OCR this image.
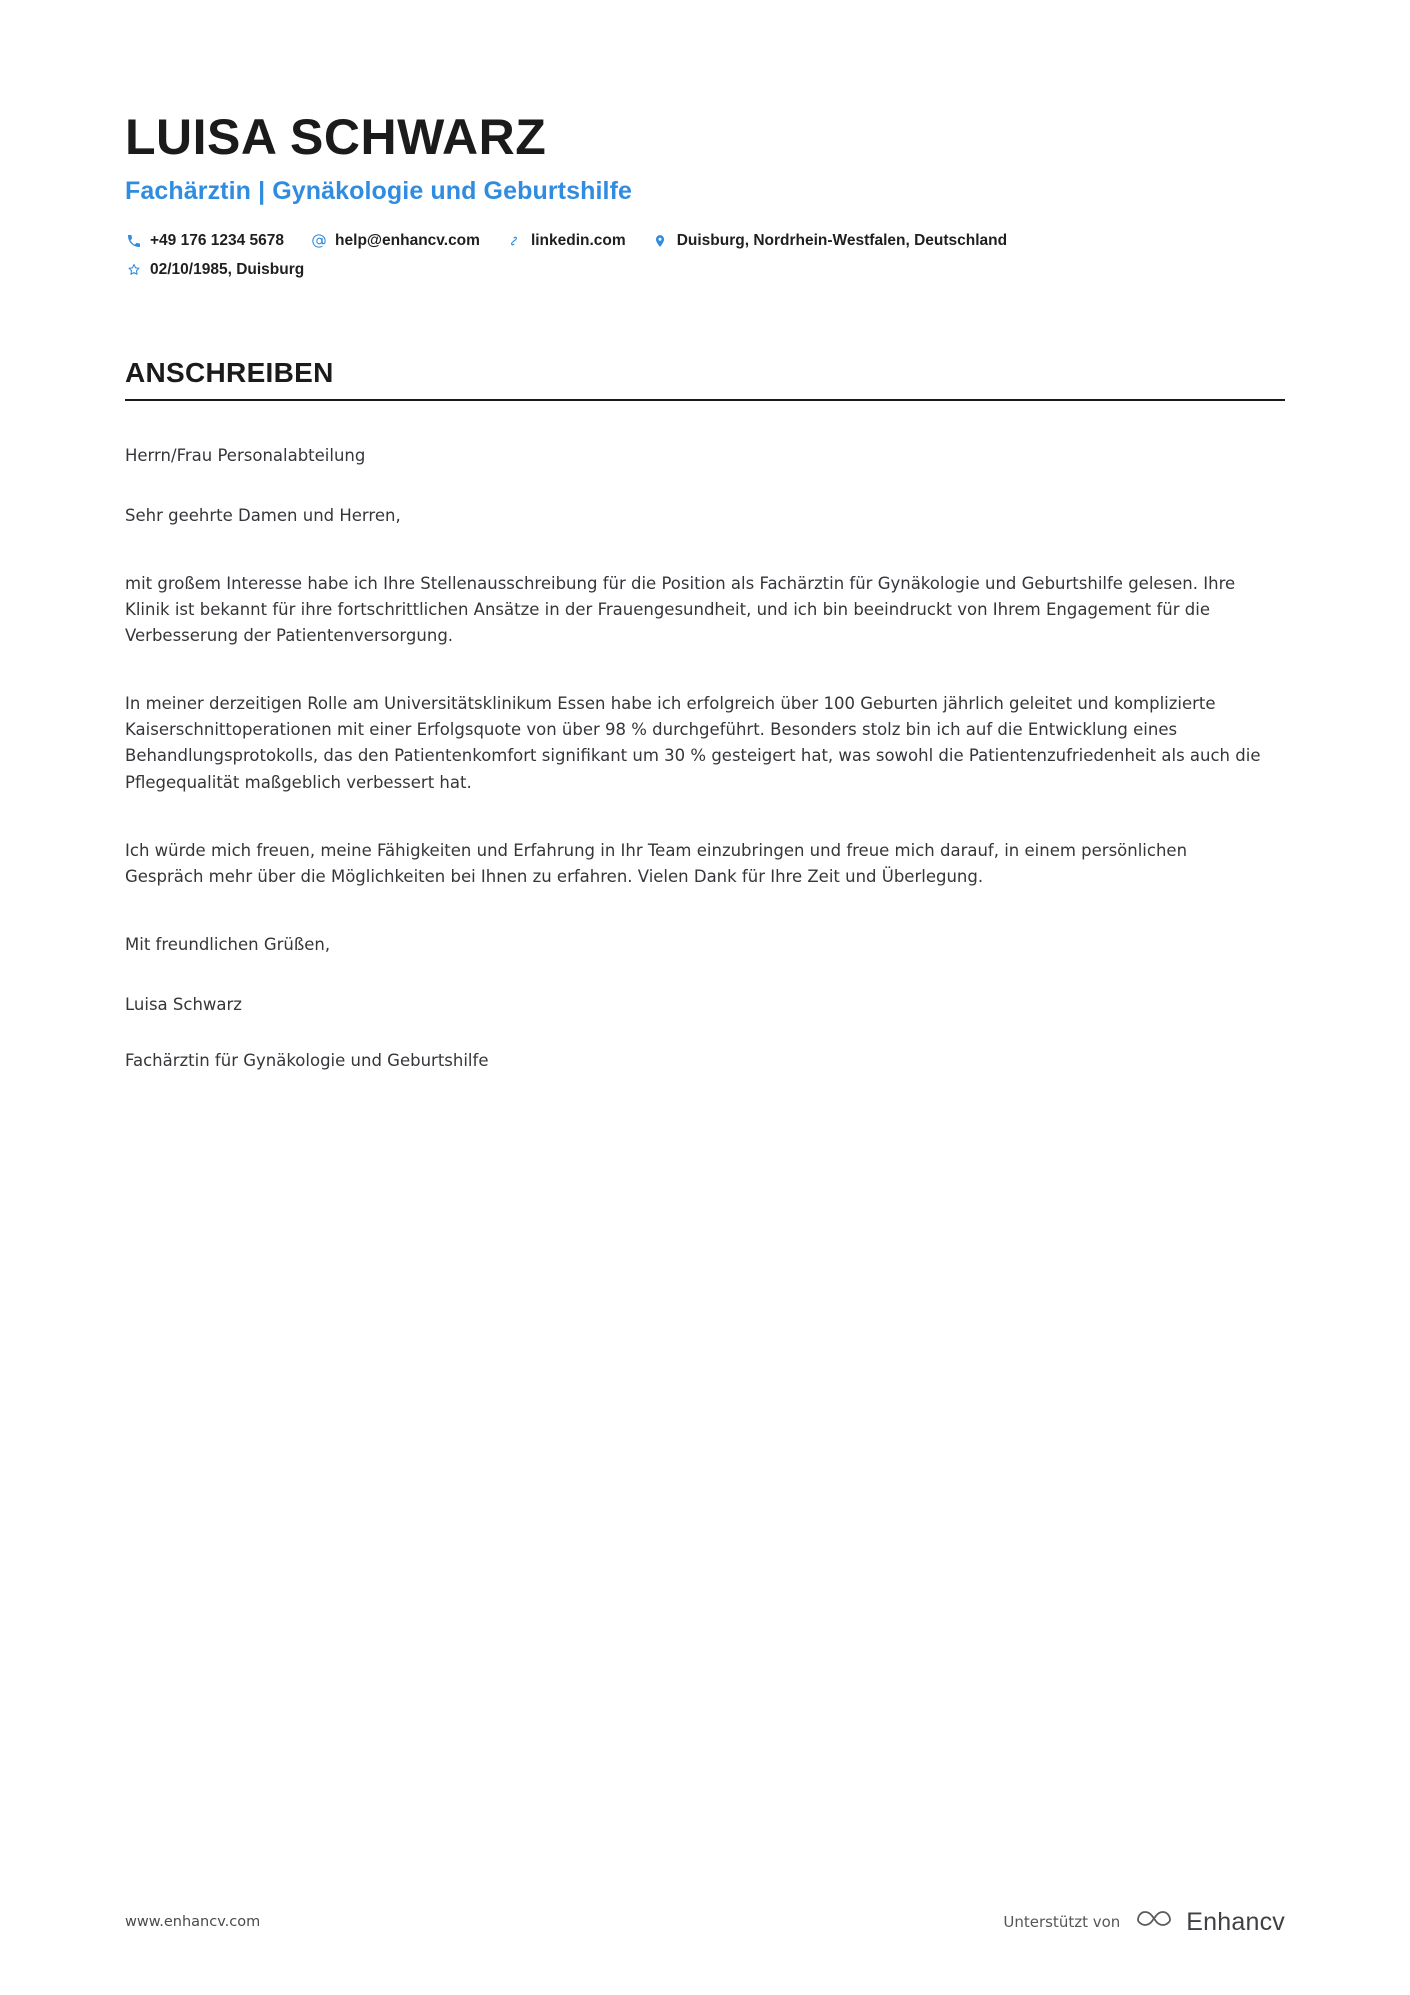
LUISA SCHWARZ
Fachärztin | Gynäkologie und Geburtshilfe
+49 176 1234 5678	help@enhancv.com	linkedin.com	Duisburg, Nordrhein-Westfalen, Deutschland
02/10/1985, Duisburg
ANSCHREIBEN

Herrn/Frau Personalabteilung

Sehr geehrte Damen und Herren,

mit großem Interesse habe ich Ihre Stellenausschreibung für die Position als Fachärztin für Gynäkologie und Geburtshilfe gelesen. Ihre Klinik ist bekannt für ihre fortschrittlichen Ansätze in der Frauengesundheit, und ich bin beeindruckt von Ihrem Engagement für die Verbesserung der Patientenversorgung.

In meiner derzeitigen Rolle am Universitätsklinikum Essen habe ich erfolgreich über 100 Geburten jährlich geleitet und komplizierte Kaiserschnittoperationen mit einer Erfolgsquote von über 98 % durchgeführt. Besonders stolz bin ich auf die Entwicklung eines Behandlungsprotokolls, das den Patientenkomfort signifikant um 30 % gesteigert hat, was sowohl die Patientenzufriedenheit als auch die Pflegequalität maßgeblich verbessert hat.

Ich würde mich freuen, meine Fähigkeiten und Erfahrung in Ihr Team einzubringen und freue mich darauf, in einem persönlichen Gespräch mehr über die Möglichkeiten bei Ihnen zu erfahren. Vielen Dank für Ihre Zeit und Überlegung.

Mit freundlichen Grüßen,

Luisa Schwarz

Fachärztin für Gynäkologie und Geburtshilfe

www.enhancv.com	Unterstützt von	Enhancv
